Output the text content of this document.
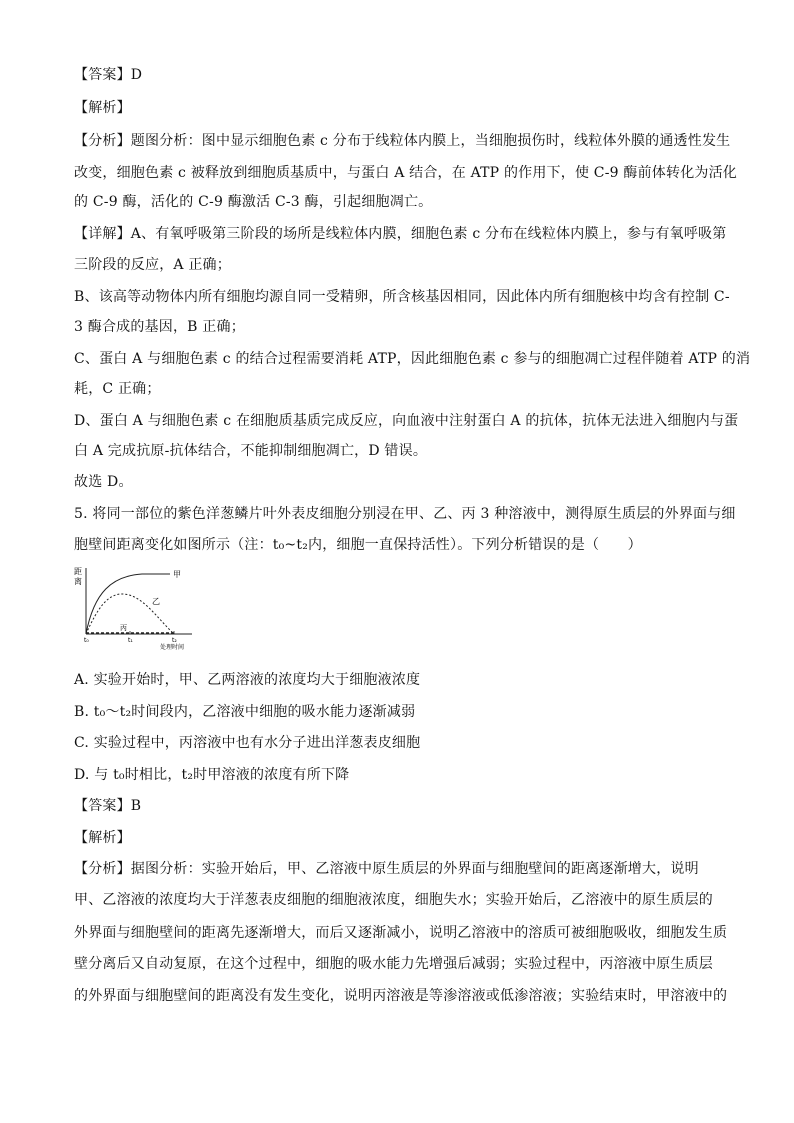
【答案】D
【解析】
【分析】题图分析：图中显示细胞色素 c 分布于线粒体内膜上，当细胞损伤时，线粒体外膜的通透性发生
改变，细胞色素 c 被释放到细胞质基质中，与蛋白 A 结合，在 ATP 的作用下，使 C-9 酶前体转化为活化
的 C-9 酶，活化的 C-9 酶激活 C-3 酶，引起细胞凋亡。
【详解】A、有氧呼吸第三阶段的场所是线粒体内膜，细胞色素 c 分布在线粒体内膜上，参与有氧呼吸第
三阶段的反应，A 正确；
B、该高等动物体内所有细胞均源自同一受精卵，所含核基因相同，因此体内所有细胞核中均含有控制 C-
3 酶合成的基因，B 正确；
C、蛋白 A 与细胞色素 c 的结合过程需要消耗 ATP，因此细胞色素 c 参与的细胞凋亡过程伴随着 ATP 的消
耗，C 正确；
D、蛋白 A 与细胞色素 c 在细胞质基质完成反应，向血液中注射蛋白 A 的抗体，抗体无法进入细胞内与蛋
白 A 完成抗原-抗体结合，不能抑制细胞凋亡，D 错误。
故选 D。
5. 将同一部位的紫色洋葱鳞片叶外表皮细胞分别浸在甲、乙、丙 3 种溶液中，测得原生质层的外界面与细
胞壁间距离变化如图所示（注：t₀~t₂内，细胞一直保持活性）。下列分析错误的是（　　）
距
离
甲
乙
丙
t₀	t₁	t₂
处理时间
A. 实验开始时，甲、乙两溶液的浓度均大于细胞液浓度
B. t₀～t₂时间段内，乙溶液中细胞的吸水能力逐渐减弱
C. 实验过程中，丙溶液中也有水分子进出洋葱表皮细胞
D. 与 t₀时相比，t₂时甲溶液的浓度有所下降
【答案】B
【解析】
【分析】据图分析：实验开始后，甲、乙溶液中原生质层的外界面与细胞壁间的距离逐渐增大，说明
甲、乙溶液的浓度均大于洋葱表皮细胞的细胞液浓度，细胞失水；实验开始后，乙溶液中的原生质层的
外界面与细胞壁间的距离先逐渐增大，而后又逐渐减小，说明乙溶液中的溶质可被细胞吸收，细胞发生质
壁分离后又自动复原，在这个过程中，细胞的吸水能力先增强后减弱；实验过程中，丙溶液中原生质层
的外界面与细胞壁间的距离没有发生变化，说明丙溶液是等渗溶液或低渗溶液；实验结束时，甲溶液中的
